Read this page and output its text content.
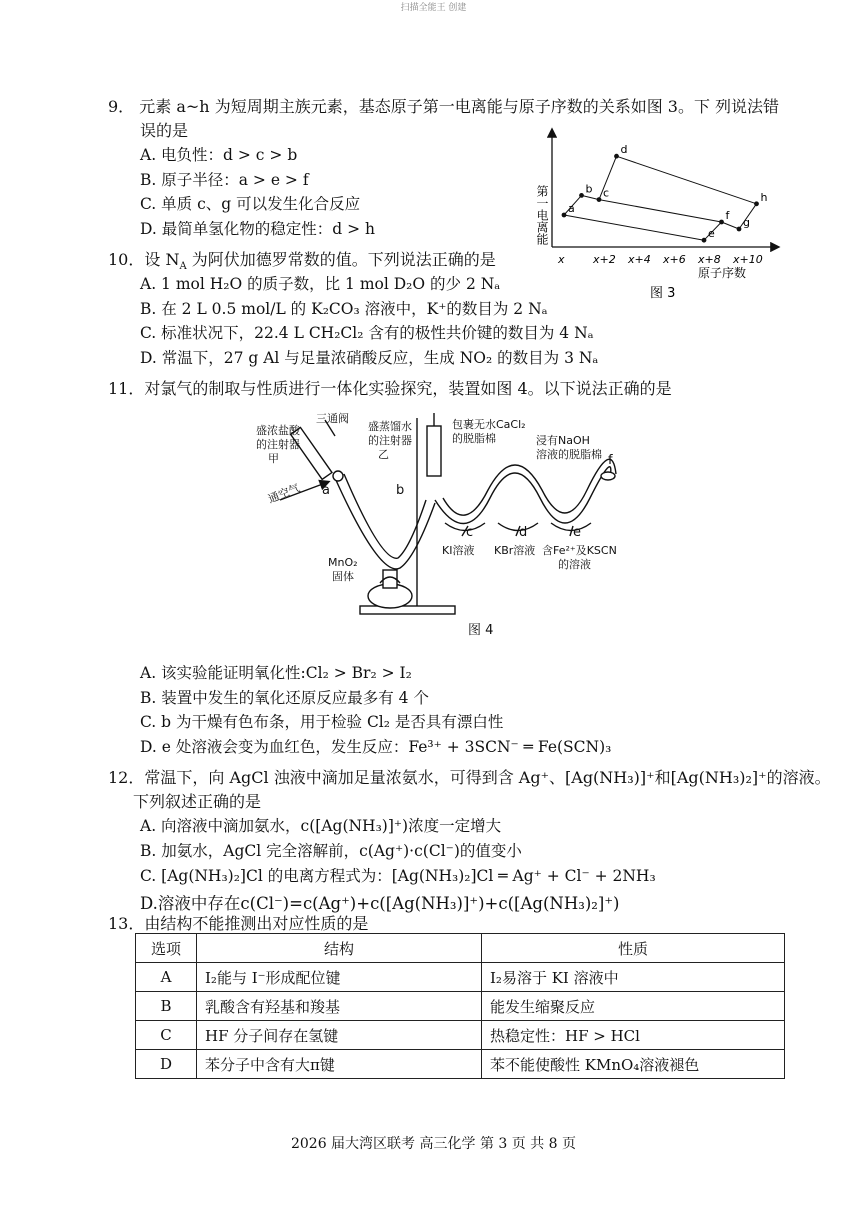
扫描全能王 创建
9． 元素 a~h 为短周期主族元素，基态原子第一电离能与原子序数的关系如图 3。下 列说法错
误的是
A. 电负性：d > c > b
B. 原子半径：a > e > f
C. 单质 c、g 可以发生化合反应
D. 最简单氢化物的稳定性：d > h
x	x+2 x+4 x+6 x+8 x+10
a
b c
d
e
f
g
h
第一电离能
原子序数
图 3
10．设 $N_A$ 为阿伏加德罗常数的值。下列说法正确的是
A. 1 mol H₂O 的质子数，比 1 mol D₂O 的少 2 Nₐ
B. 在 2 L 0.5 mol/L 的 K₂CO₃ 溶液中，K⁺的数目为 2 Nₐ
C. 标准状况下，22.4 L CH₂Cl₂ 含有的极性共价键的数目为 4 Nₐ
D. 常温下，27 g Al 与足量浓硝酸反应，生成 NO₂ 的数目为 3 Nₐ
11．对氯气的制取与性质进行一体化实验探究，装置如图 4。以下说法正确的是
盛浓盐酸
的注射器
甲
三通阀
通空气 a
盛蒸馏水
的注射器
乙
b
包裹无水CaCl₂
的脱脂棉	浸有NaOH
溶液的脱脂棉 f
c	d	e
KI溶液 KBr溶液 含Fe²⁺及KSCN
的溶液
MnO₂
固体
图 4
A. 该实验能证明氧化性:Cl₂ > Br₂ > I₂
B. 装置中发生的氧化还原反应最多有 4 个
C. b 为干燥有色布条，用于检验 Cl₂ 是否具有漂白性
D. e 处溶液会变为血红色，发生反应：Fe³⁺ + 3SCN⁻ ═ Fe(SCN)₃
12．常温下，向 AgCl 浊液中滴加足量浓氨水，可得到含 Ag⁺、[Ag(NH₃)]⁺和[Ag(NH₃)₂]⁺的溶液。
下列叙述正确的是
A. 向溶液中滴加氨水，c([Ag(NH₃)]⁺)浓度一定增大
B. 加氨水，AgCl 完全溶解前，c(Ag⁺)·c(Cl⁻)的值变小
C. [Ag(NH₃)₂]Cl 的电离方程式为：[Ag(NH₃)₂]Cl ═ Ag⁺ + Cl⁻ + 2NH₃
D.溶液中存在c(Cl⁻)=c(Ag⁺)+c([Ag(NH₃)]⁺)+c([Ag(NH₃)₂]⁺)
13．由结构不能推测出对应性质的是
选项	结构	性质
A	I₂能与 I⁻形成配位键	I₂易溶于 KI 溶液中
B	乳酸含有羟基和羧基	能发生缩聚反应
C	HF 分子间存在氢键	热稳定性：HF > HCl
D	苯分子中含有大π键	苯不能使酸性 KMnO₄溶液褪色
2026 届大湾区联考 高三化学 第 3 页 共 8 页
